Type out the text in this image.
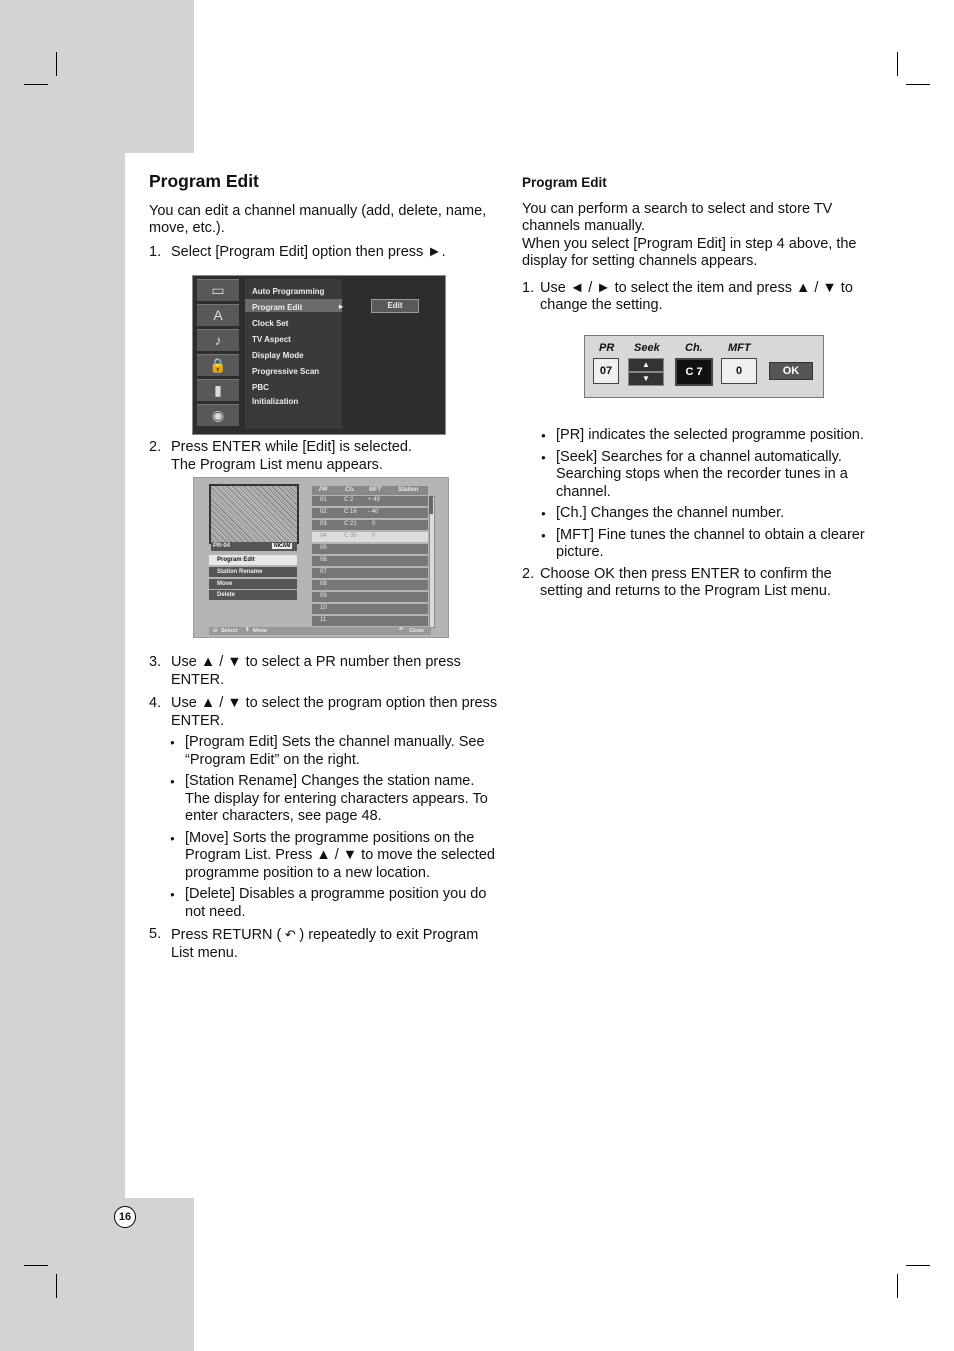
16
Program Edit

You can edit a channel manually (add, delete, name, move, etc.).

1. Select [Program Edit] option then press ►.
▭
A
♪
🔒
▮
◉
Auto Programming
Program Edit	▸
Clock Set
TV Aspect
Display Mode
Progressive Scan
PBC
Initialization
Edit
2. Press ENTER while [Edit] is selected.
The Program List menu appears.
PR-04	NICAM
Program Edit
Station Rename
Move
Delete
PR	Ch. MFT	Station
01	C 2 + 49
02	C 16 - 40
03	C 21	0
04	C 35	0
05
06
07
08
09
10
11
⊙ Select ⇕ Move	↶ Close
3. Use ▲ / ▼ to select a PR number then press ENTER.
4. Use ▲ / ▼ to select the program option then press ENTER.
● [Program Edit] Sets the channel manually. See “Program Edit” on the right.
● [Station Rename] Changes the station name. The display for entering characters appears. To enter characters, see page 48.
● [Move] Sorts the programme positions on the Program List. Press ▲ / ▼ to move the selected programme position to a new location.
● [Delete] Disables a programme position you do not need.
5. Press RETURN ( ↶ ) repeatedly to exit Program List menu.
Program Edit

You can perform a search to select and store TV channels manually.

When you select [Program Edit] in step 4 above, the display for setting channels appears.

1. Use ◄ / ► to select the item and press ▲ / ▼ to change the setting.
PR Seek Ch. MFT
07
▲
▼
C 7	0	OK
● [PR] indicates the selected programme position.
● [Seek] Searches for a channel automatically. Searching stops when the recorder tunes in a channel.
● [Ch.] Changes the channel number.
● [MFT] Fine tunes the channel to obtain a clearer picture.
2. Choose OK then press ENTER to confirm the setting and returns to the Program List menu.
